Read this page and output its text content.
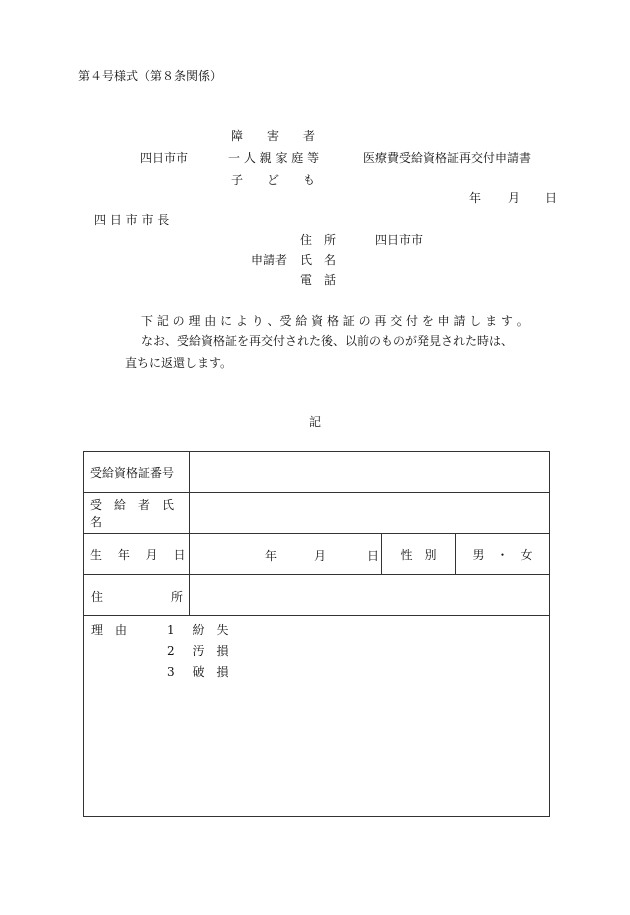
第４号様式（第８条関係）
四日市市
障　　害　　者
一 人 親 家 庭 等
子　　ど　　も
医療費受給資格証再交付申請書
年 月 日
四 日 市 市 長
住　所	四日市市
申請者 氏　名
電　話
下 記 の 理 由 に よ り 、受 給 資 格 証 の 再 交 付 を 申 請 し ま す 。
なお、受給資格証を再交付された後、以前のものが発見された時は、
直ちに返還します。
記
受給資格証番号			
受　給　者　氏　名			
生　 年　 月　 日	年 月 日	性　別	男　・　女

住 所			

理　由 1 紛　失
2 汚　損
3 破　損			
